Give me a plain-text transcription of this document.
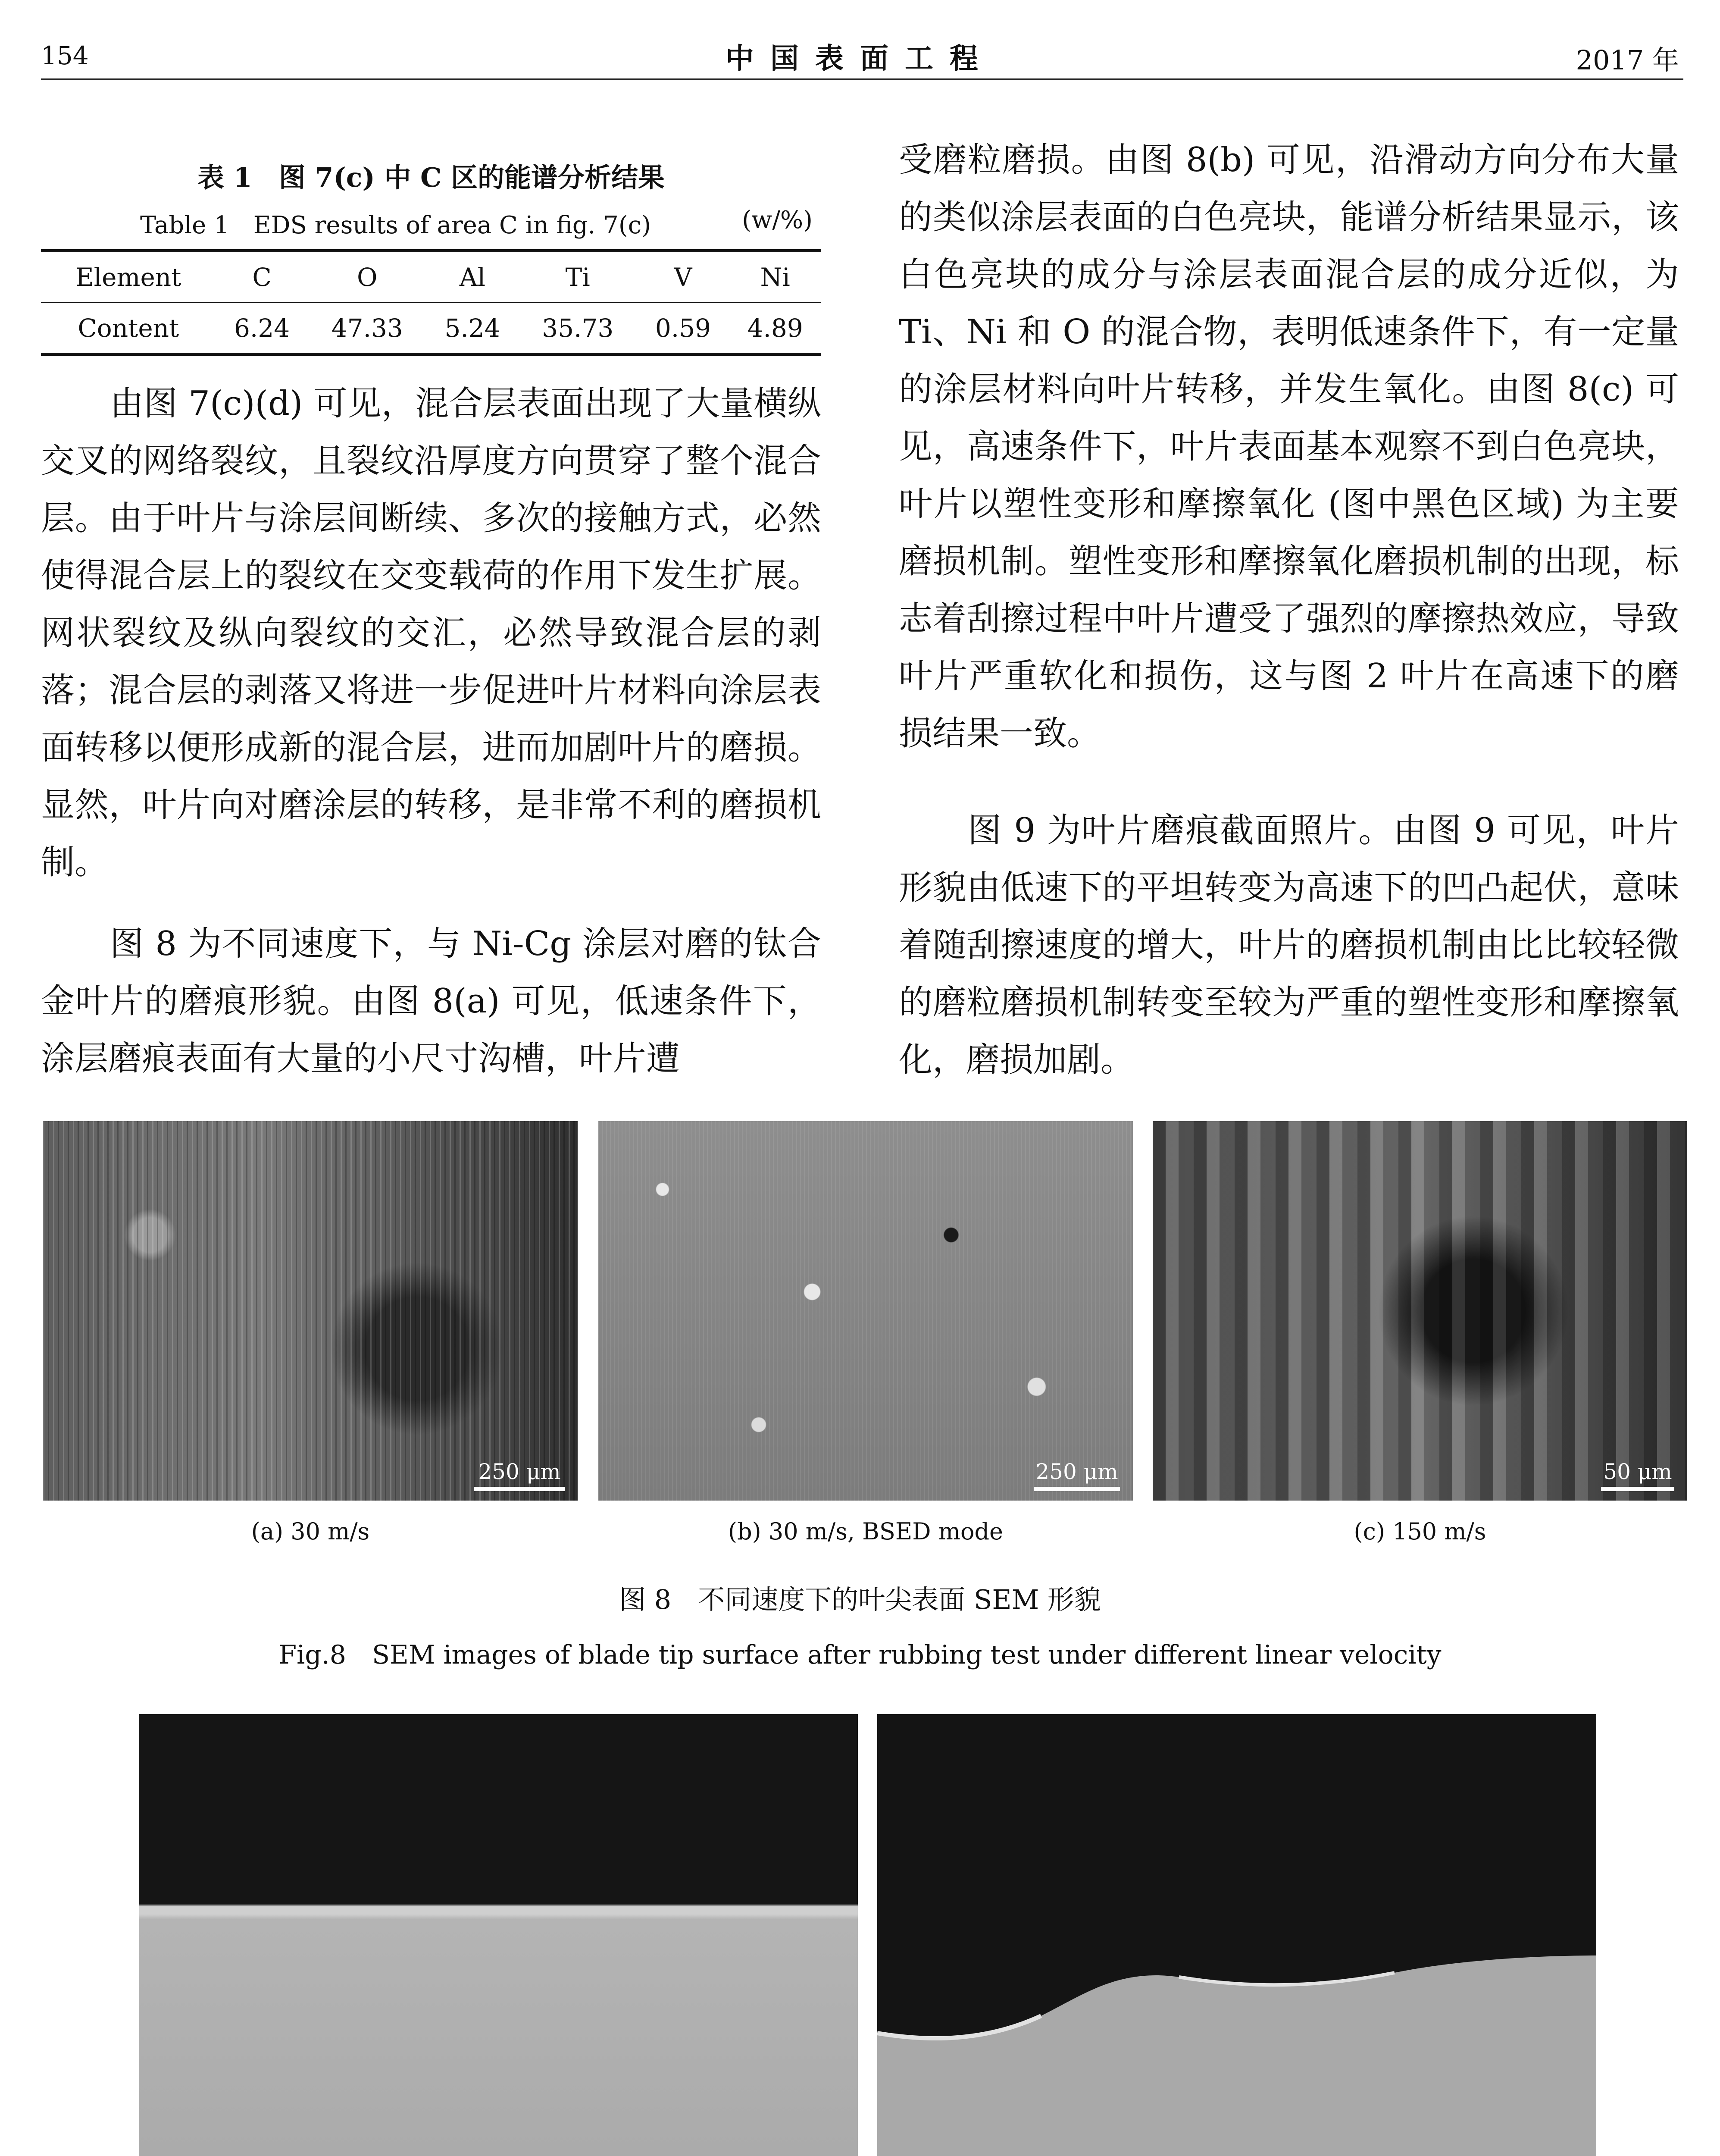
154	中国表面工程	2017 年
表 1　图 7(c) 中 C 区的能谱分析结果
Table 1　EDS results of area C in fig. 7(c)	(w/%)
Element	C	O	Al	Ti	V	Ni
Content	6.24	47.33	5.24	35.73	0.59	4.89

由图 7(c)(d) 可见，混合层表面出现了大量横纵交叉的网络裂纹，且裂纹沿厚度方向贯穿了整个混合层。由于叶片与涂层间断续、多次的接触方式，必然使得混合层上的裂纹在交变载荷的作用下发生扩展。网状裂纹及纵向裂纹的交汇，必然导致混合层的剥落；混合层的剥落又将进一步促进叶片材料向涂层表面转移以便形成新的混合层，进而加剧叶片的磨损。显然，叶片向对磨涂层的转移，是非常不利的磨损机制。

图 8 为不同速度下，与 Ni-Cg 涂层对磨的钛合金叶片的磨痕形貌。由图 8(a) 可见，低速条件下，涂层磨痕表面有大量的小尺寸沟槽，叶片遭

受磨粒磨损。由图 8(b) 可见，沿滑动方向分布大量的类似涂层表面的白色亮块，能谱分析结果显示，该白色亮块的成分与涂层表面混合层的成分近似，为 Ti、Ni 和 O 的混合物，表明低速条件下，有一定量的涂层材料向叶片转移，并发生氧化。由图 8(c) 可见，高速条件下，叶片表面基本观察不到白色亮块，叶片以塑性变形和摩擦氧化 (图中黑色区域) 为主要磨损机制。塑性变形和摩擦氧化磨损机制的出现，标志着刮擦过程中叶片遭受了强烈的摩擦热效应，导致叶片严重软化和损伤，这与图 2 叶片在高速下的磨损结果一致。

图 9 为叶片磨痕截面照片。由图 9 可见，叶片形貌由低速下的平坦转变为高速下的凹凸起伏，意味着随刮擦速度的增大，叶片的磨损机制由比比较轻微的磨粒磨损机制转变至较为严重的塑性变形和摩擦氧化，磨损加剧。

250 μm	250 μm	50 μm
(a) 30 m/s	(b) 30 m/s, BSED mode	(c) 150 m/s
图 8　不同速度下的叶尖表面 SEM 形貌
Fig.8　SEM images of blade tip surface after rubbing test under different linear velocity
